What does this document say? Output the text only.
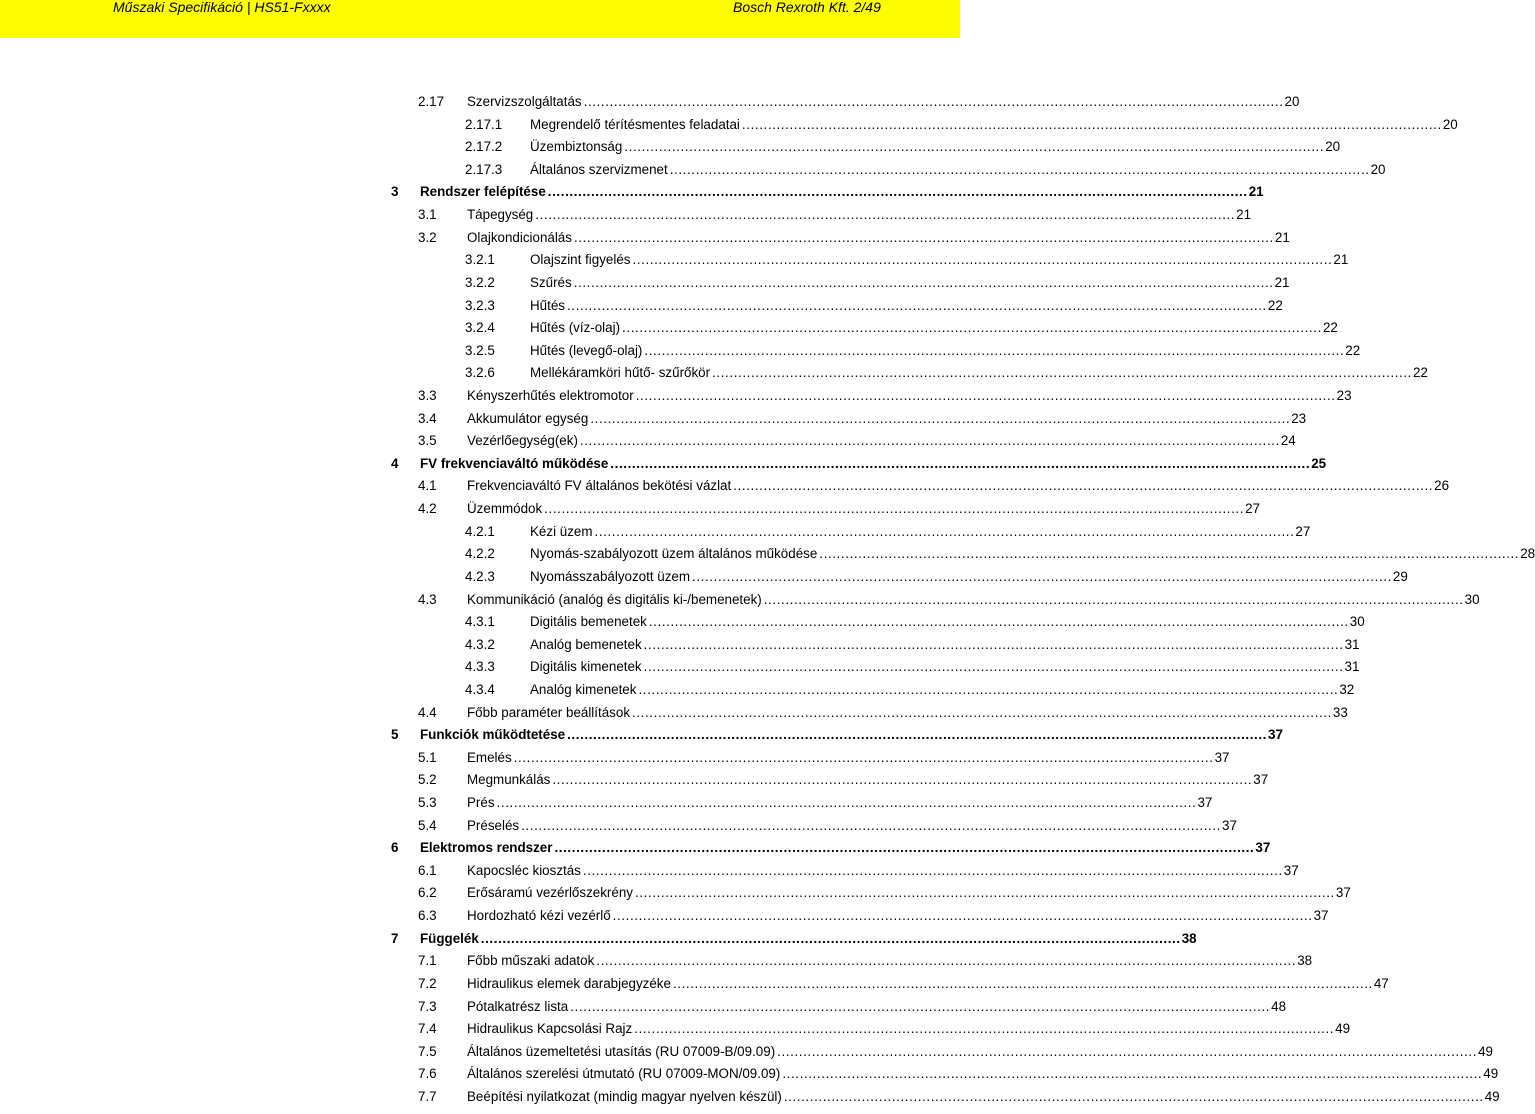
Műszaki Specifikáció | HS51-Fxxxx	Bosch Rexroth Kft. 2/49
2.17	Szervizszolgáltatás .................................................................................................................................................................. 20
2.17.1	Megrendelő térítésmentes feladatai .................................................................................................................................................................. 20
2.17.2	Üzembiztonság .................................................................................................................................................................. 20
2.17.3	Általános szervizmenet .................................................................................................................................................................. 20
3	Rendszer felépítése .................................................................................................................................................................. 21
3.1	Tápegység .................................................................................................................................................................. 21
3.2	Olajkondicionálás .................................................................................................................................................................. 21
3.2.1	Olajszint figyelés .................................................................................................................................................................. 21
3.2.2	Szűrés .................................................................................................................................................................. 21
3.2.3	Hűtés .................................................................................................................................................................. 22
3.2.4	Hűtés (víz-olaj) .................................................................................................................................................................. 22
3.2.5	Hűtés (levegő-olaj) .................................................................................................................................................................. 22
3.2.6	Mellékáramköri hűtő- szűrőkör .................................................................................................................................................................. 22
3.3	Kényszerhűtés elektromotor .................................................................................................................................................................. 23
3.4	Akkumulátor egység .................................................................................................................................................................. 23
3.5	Vezérlőegység(ek) .................................................................................................................................................................. 24
4	FV frekvenciaváltó működése .................................................................................................................................................................. 25
4.1	Frekvenciaváltó FV általános bekötési vázlat .................................................................................................................................................................. 26
4.2	Üzemmódok .................................................................................................................................................................. 27
4.2.1	Kézi üzem .................................................................................................................................................................. 27
4.2.2	Nyomás-szabályozott üzem általános működése .................................................................................................................................................................. 28
4.2.3	Nyomásszabályozott üzem .................................................................................................................................................................. 29
4.3	Kommunikáció (analóg és digitális ki-/bemenetek) .................................................................................................................................................................. 30
4.3.1	Digitális bemenetek .................................................................................................................................................................. 30
4.3.2	Analóg bemenetek .................................................................................................................................................................. 31
4.3.3	Digitális kimenetek .................................................................................................................................................................. 31
4.3.4	Analóg kimenetek .................................................................................................................................................................. 32
4.4	Főbb paraméter beállítások .................................................................................................................................................................. 33
5	Funkciók működtetése .................................................................................................................................................................. 37
5.1	Emelés .................................................................................................................................................................. 37
5.2	Megmunkálás .................................................................................................................................................................. 37
5.3	Prés .................................................................................................................................................................. 37
5.4	Préselés .................................................................................................................................................................. 37
6	Elektromos rendszer .................................................................................................................................................................. 37
6.1	Kapocsléc kiosztás .................................................................................................................................................................. 37
6.2	Erősáramú vezérlőszekrény .................................................................................................................................................................. 37
6.3	Hordozható kézi vezérlő .................................................................................................................................................................. 37
7	Függelék .................................................................................................................................................................. 38
7.1	Főbb műszaki adatok .................................................................................................................................................................. 38
7.2	Hidraulikus elemek darabjegyzéke .................................................................................................................................................................. 47
7.3	Pótalkatrész lista .................................................................................................................................................................. 48
7.4	Hidraulikus Kapcsolási Rajz .................................................................................................................................................................. 49
7.5	Általános üzemeltetési utasítás (RU 07009-B/09.09) .................................................................................................................................................................. 49
7.6	Általános szerelési útmutató (RU 07009-MON/09.09) .................................................................................................................................................................. 49
7.7	Beépítési nyilatkozat (mindig magyar nyelven készül) .................................................................................................................................................................. 49
